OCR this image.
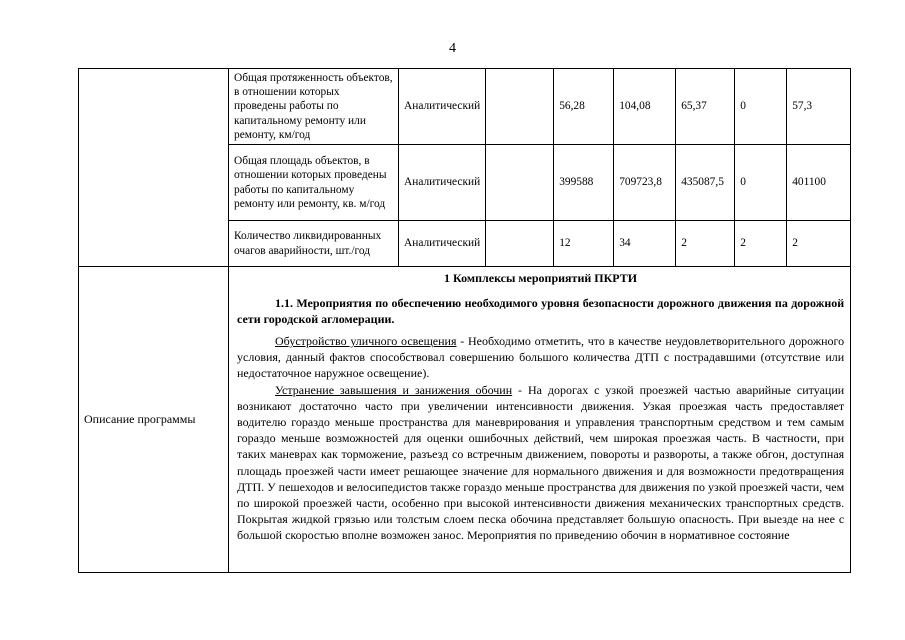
4
	Общая протяженность объектов, в отношении которых проведены работы по капитальному ремонту или ремонту, км/год	Аналитический		56,28	104,08	65,37	0	57,3
	Общая площадь объектов, в отношении которых проведены работы по капитальному ремонту или ремонту, кв. м/год	Аналитический		399588	709723,8	435087,5	0	401100
	Количество ликвидированных очагов аварийности, шт./год	Аналитический		12	34	2	2	2
Описание программы	1 Комплексы мероприятий ПКРТИ
1.1. Мероприятия по обеспечению необходимого уровня безопасности дорожного движения па дорожной сети городской агломерации.

Обустройство уличного освещения - Необходимо отметить, что в качестве неудовлетворительного дорожного условия, данный фактов способствовал совершению большого количества ДТП с пострадавшими (отсутствие или недостаточное наружное освещение).

Устранение завышения и занижения обочин - На дорогах с узкой проезжей частью аварийные ситуации возникают достаточно часто при увеличении интенсивности движения. Узкая проезжая часть предоставляет водителю гораздо меньше пространства для маневрирования и управления транспортным средством и тем самым гораздо меньше возможностей для оценки ошибочных действий, чем широкая проезжая часть. В частности, при таких маневрах как торможение, разъезд со встречным движением, повороты и развороты, а также обгон, доступная площадь проезжей части имеет решающее значение для нормального движения и для возможности предотвращения ДТП. У пешеходов и велосипедистов также гораздо меньше пространства для движения по узкой проезжей части, чем по широкой проезжей части, особенно при высокой интенсивности движения механических транспортных средств. Покрытая жидкой грязью или толстым слоем песка обочина представляет большую опасность. При выезде на нее с большой скоростью вполне возможен занос. Мероприятия по приведению обочин в нормативное состояние							
